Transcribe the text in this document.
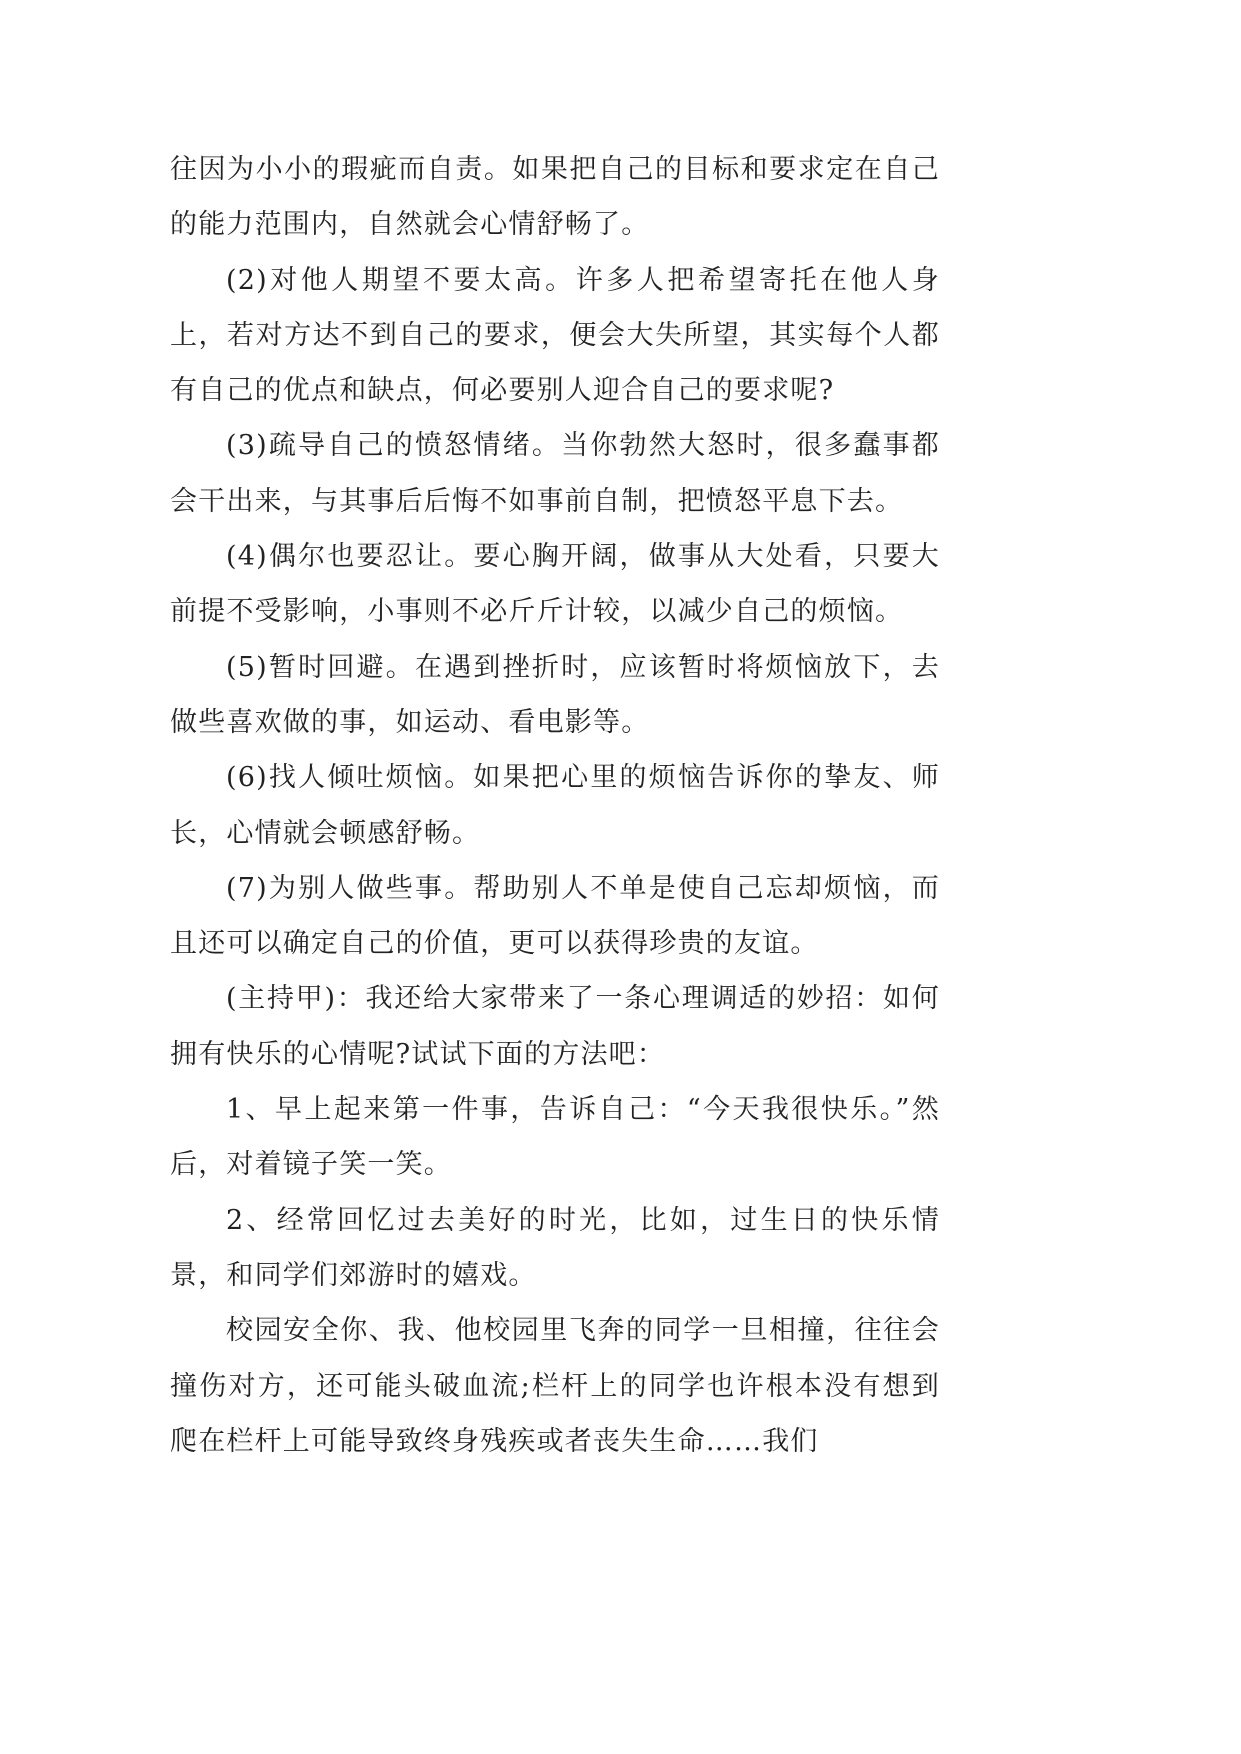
往因为小小的瑕疵而自责。如果把自己的目标和要求定在自己的能力范围内，自然就会心情舒畅了。

(2)对他人期望不要太高。许多人把希望寄托在他人身上，若对方达不到自己的要求，便会大失所望，其实每个人都有自己的优点和缺点，何必要别人迎合自己的要求呢?

(3)疏导自己的愤怒情绪。当你勃然大怒时，很多蠢事都会干出来，与其事后后悔不如事前自制，把愤怒平息下去。

(4)偶尔也要忍让。要心胸开阔，做事从大处看，只要大前提不受影响，小事则不必斤斤计较，以减少自己的烦恼。

(5)暂时回避。在遇到挫折时，应该暂时将烦恼放下，去做些喜欢做的事，如运动、看电影等。

(6)找人倾吐烦恼。如果把心里的烦恼告诉你的挚友、师长，心情就会顿感舒畅。

(7)为别人做些事。帮助别人不单是使自己忘却烦恼，而且还可以确定自己的价值，更可以获得珍贵的友谊。

(主持甲)：我还给大家带来了一条心理调适的妙招：如何拥有快乐的心情呢?试试下面的方法吧：

1、早上起来第一件事，告诉自己：“今天我很快乐。”然后，对着镜子笑一笑。

2、经常回忆过去美好的时光，比如，过生日的快乐情景，和同学们郊游时的嬉戏。

校园安全你、我、他校园里飞奔的同学一旦相撞，往往会撞伤对方，还可能头破血流;栏杆上的同学也许根本没有想到爬在栏杆上可能导致终身残疾或者丧失生命……我们
